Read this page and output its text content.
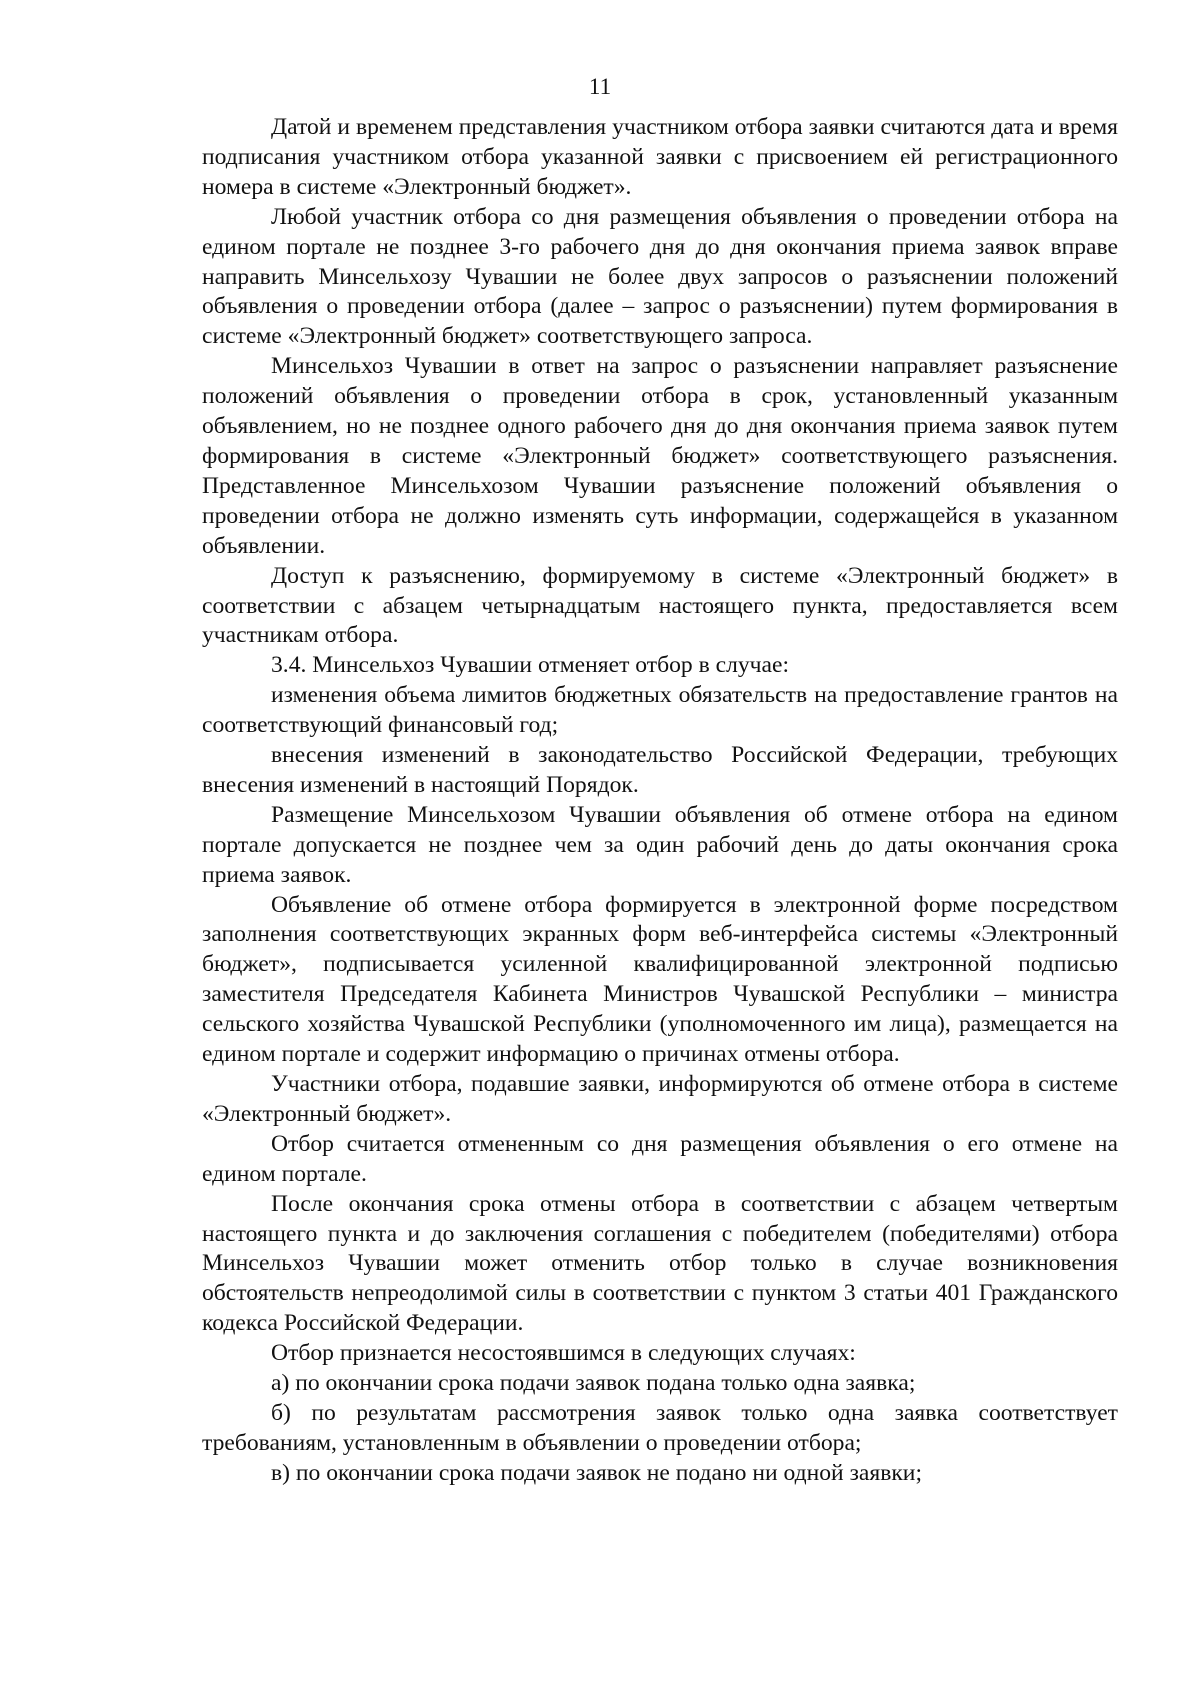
11

Датой и временем представления участником отбора заявки считаются дата и время подписания участником отбора указанной заявки с присвоением ей регистрационного номера в системе «Электронный бюджет».

Любой участник отбора со дня размещения объявления о проведении отбора на едином портале не позднее 3-го рабочего дня до дня окончания приема заявок вправе направить Минсельхозу Чувашии не более двух запросов о разъяснении положений объявления о проведении отбора (далее – запрос о разъяснении) путем формирования в системе «Электронный бюджет» соответствующего запроса.

Минсельхоз Чувашии в ответ на запрос о разъяснении направляет разъяснение положений объявления о проведении отбора в срок, установленный указанным объявлением, но не позднее одного рабочего дня до дня окончания приема заявок путем формирования в системе «Электронный бюджет» соответствующего разъяснения. Представленное Минсельхозом Чувашии разъяснение положений объявления о проведении отбора не должно изменять суть информации, содержащейся в указанном объявлении.

Доступ к разъяснению, формируемому в системе «Электронный бюджет» в соответствии с абзацем четырнадцатым настоящего пункта, предоставляется всем участникам отбора.

3.4. Минсельхоз Чувашии отменяет отбор в случае:

изменения объема лимитов бюджетных обязательств на предоставление грантов на соответствующий финансовый год;

внесения изменений в законодательство Российской Федерации, требующих внесения изменений в настоящий Порядок.

Размещение Минсельхозом Чувашии объявления об отмене отбора на едином портале допускается не позднее чем за один рабочий день до даты окончания срока приема заявок.

Объявление об отмене отбора формируется в электронной форме посредством заполнения соответствующих экранных форм веб-интерфейса системы «Электронный бюджет», подписывается усиленной квалифицированной электронной подписью заместителя Председателя Кабинета Министров Чувашской Республики – министра сельского хозяйства Чувашской Республики (уполномоченного им лица), размещается на едином портале и содержит информацию о причинах отмены отбора.

Участники отбора, подавшие заявки, информируются об отмене отбора в системе «Электронный бюджет».

Отбор считается отмененным со дня размещения объявления о его отмене на едином портале.

После окончания срока отмены отбора в соответствии с абзацем четвертым настоящего пункта и до заключения соглашения с победителем (победителями) отбора Минсельхоз Чувашии может отменить отбор только в случае возникновения обстоятельств непреодолимой силы в соответствии с пунктом 3 статьи 401 Гражданского кодекса Российской Федерации.

Отбор признается несостоявшимся в следующих случаях:

а) по окончании срока подачи заявок подана только одна заявка;

б) по результатам рассмотрения заявок только одна заявка соответствует требованиям, установленным в объявлении о проведении отбора;

в) по окончании срока подачи заявок не подано ни одной заявки;
